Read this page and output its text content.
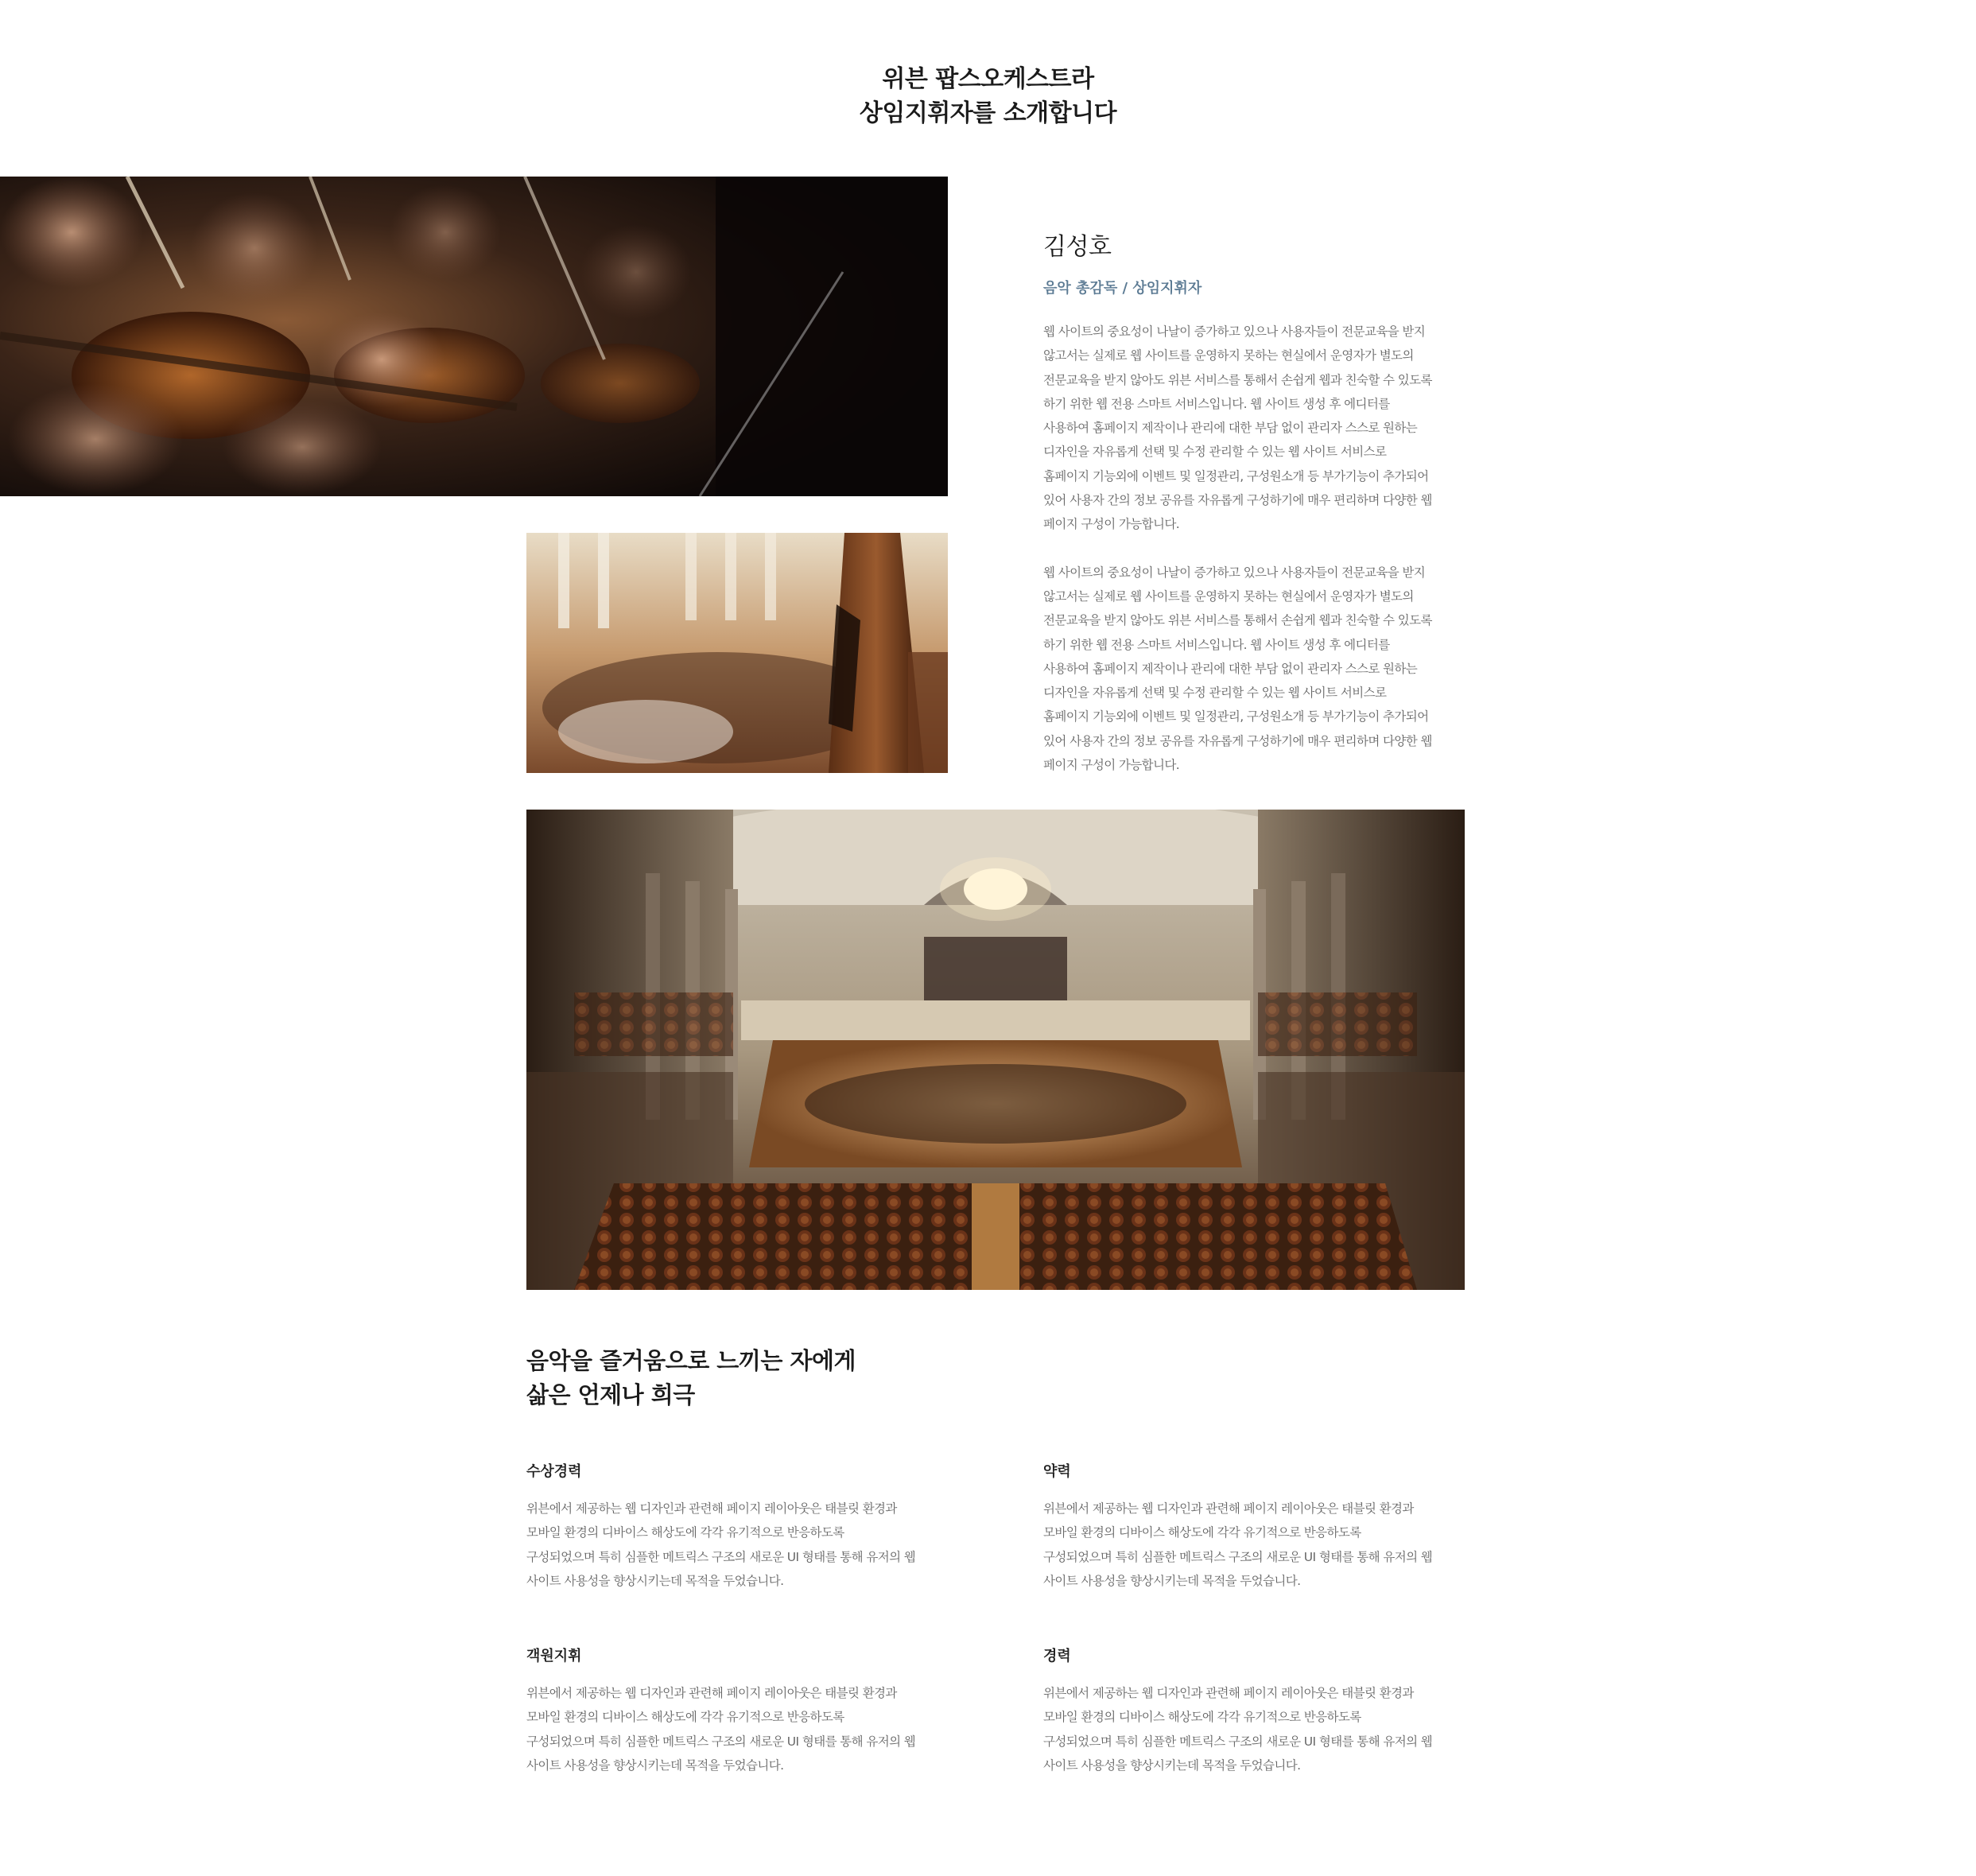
위븐 팝스오케스트라
상임지휘자를 소개합니다
김성호
음악 총감독 / 상임지휘자

웹 사이트의 중요성이 나날이 증가하고 있으나 사용자들이 전문교육을 받지
않고서는 실제로 웹 사이트를 운영하지 못하는 현실에서 운영자가 별도의
전문교육을 받지 않아도 위븐 서비스를 통해서 손쉽게 웹과 친숙할 수 있도록
하기 위한 웹 전용 스마트 서비스입니다. 웹 사이트 생성 후 에디터를
사용하여 홈페이지 제작이나 관리에 대한 부담 없이 관리자 스스로 원하는
디자인을 자유롭게 선택 및 수정 관리할 수 있는 웹 사이트 서비스로
홈페이지 기능외에 이벤트 및 일정관리, 구성원소개 등 부가기능이 추가되어
있어 사용자 간의 정보 공유를 자유롭게 구성하기에 매우 편리하며 다양한 웹
페이지 구성이 가능합니다.

웹 사이트의 중요성이 나날이 증가하고 있으나 사용자들이 전문교육을 받지
않고서는 실제로 웹 사이트를 운영하지 못하는 현실에서 운영자가 별도의
전문교육을 받지 않아도 위븐 서비스를 통해서 손쉽게 웹과 친숙할 수 있도록
하기 위한 웹 전용 스마트 서비스입니다. 웹 사이트 생성 후 에디터를
사용하여 홈페이지 제작이나 관리에 대한 부담 없이 관리자 스스로 원하는
디자인을 자유롭게 선택 및 수정 관리할 수 있는 웹 사이트 서비스로
홈페이지 기능외에 이벤트 및 일정관리, 구성원소개 등 부가기능이 추가되어
있어 사용자 간의 정보 공유를 자유롭게 구성하기에 매우 편리하며 다양한 웹
페이지 구성이 가능합니다.

음악을 즐거움으로 느끼는 자에게
삶은 언제나 희극
수상경력

위븐에서 제공하는 웹 디자인과 관련해 페이지 레이아웃은 태블릿 환경과
모바일 환경의 디바이스 해상도에 각각 유기적으로 반응하도록
구성되었으며 특히 심플한 메트릭스 구조의 새로운 UI 형태를 통해 유저의 웹
사이트 사용성을 향상시키는데 목적을 두었습니다.

약력

위븐에서 제공하는 웹 디자인과 관련해 페이지 레이아웃은 태블릿 환경과
모바일 환경의 디바이스 해상도에 각각 유기적으로 반응하도록
구성되었으며 특히 심플한 메트릭스 구조의 새로운 UI 형태를 통해 유저의 웹
사이트 사용성을 향상시키는데 목적을 두었습니다.

객원지휘

위븐에서 제공하는 웹 디자인과 관련해 페이지 레이아웃은 태블릿 환경과
모바일 환경의 디바이스 해상도에 각각 유기적으로 반응하도록
구성되었으며 특히 심플한 메트릭스 구조의 새로운 UI 형태를 통해 유저의 웹
사이트 사용성을 향상시키는데 목적을 두었습니다.

경력

위븐에서 제공하는 웹 디자인과 관련해 페이지 레이아웃은 태블릿 환경과
모바일 환경의 디바이스 해상도에 각각 유기적으로 반응하도록
구성되었으며 특히 심플한 메트릭스 구조의 새로운 UI 형태를 통해 유저의 웹
사이트 사용성을 향상시키는데 목적을 두었습니다.
